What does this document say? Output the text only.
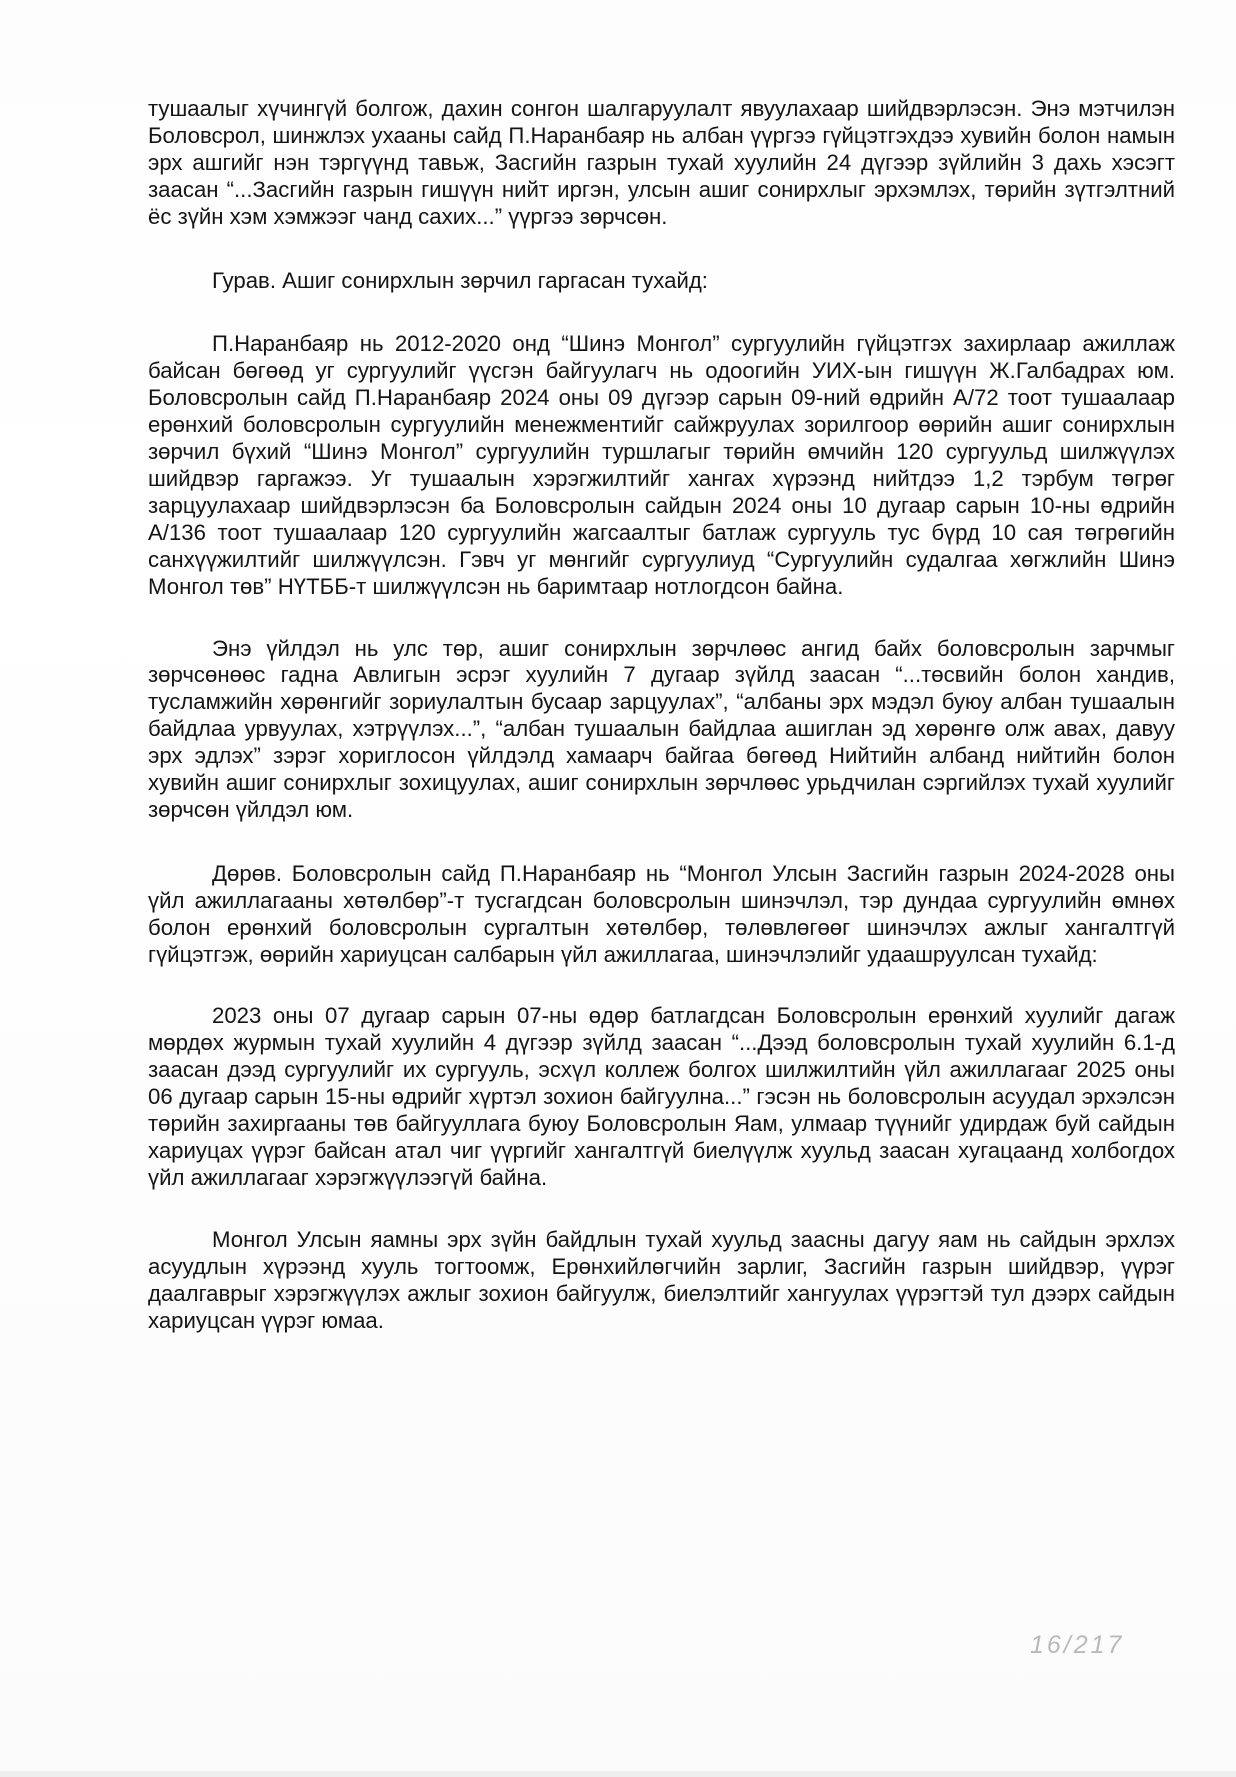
тушаалыг хүчингүй болгож, дахин сонгон шалгаруулалт явуулахаар шийдвэрлэсэн. Энэ мэтчилэн Боловсрол, шинжлэх ухааны сайд П.Наранбаяр нь албан үүргээ гүйцэтгэхдээ хувийн болон намын эрх ашгийг нэн тэргүүнд тавьж, Засгийн газрын тухай хуулийн 24 дүгээр зүйлийн 3 дахь хэсэгт заасан “...Засгийн газрын гишүүн нийт иргэн, улсын ашиг сонирхлыг эрхэмлэх, төрийн зүтгэлтний ёс зүйн хэм хэмжээг чанд сахих...” үүргээ зөрчсөн.

Гурав. Ашиг сонирхлын зөрчил гаргасан тухайд:

П.Наранбаяр нь 2012-2020 онд “Шинэ Монгол” сургуулийн гүйцэтгэх захирлаар ажиллаж байсан бөгөөд уг сургуулийг үүсгэн байгуулагч нь одоогийн УИХ-ын гишүүн Ж.Галбадрах юм. Боловсролын сайд П.Наранбаяр 2024 оны 09 дүгээр сарын 09-ний өдрийн А/72 тоот тушаалаар ерөнхий боловсролын сургуулийн менежментийг сайжруулах зорилгоор өөрийн ашиг сонирхлын зөрчил бүхий “Шинэ Монгол” сургуулийн туршлагыг төрийн өмчийн 120 сургуульд шилжүүлэх шийдвэр гаргажээ. Уг тушаалын хэрэгжилтийг хангах хүрээнд нийтдээ 1,2 тэрбум төгрөг зарцуулахаар шийдвэрлэсэн ба Боловсролын сайдын 2024 оны 10 дугаар сарын 10-ны өдрийн А/136 тоот тушаалаар 120 сургуулийн жагсаалтыг батлаж сургууль тус бүрд 10 сая төгрөгийн санхүүжилтийг шилжүүлсэн. Гэвч уг мөнгийг сургуулиуд “Сургуулийн судалгаа хөгжлийн Шинэ Монгол төв” НҮТББ-т шилжүүлсэн нь баримтаар нотлогдсон байна.

Энэ үйлдэл нь улс төр, ашиг сонирхлын зөрчлөөс ангид байх боловсролын зарчмыг зөрчсөнөөс гадна Авлигын эсрэг хуулийн 7 дугаар зүйлд заасан “...төсвийн болон хандив, тусламжийн хөрөнгийг зориулалтын бусаар зарцуулах”, “албаны эрх мэдэл буюу албан тушаалын байдлаа урвуулах, хэтрүүлэх...”, “албан тушаалын байдлаа ашиглан эд хөрөнгө олж авах, давуу эрх эдлэх” зэрэг хориглосон үйлдэлд хамаарч байгаа бөгөөд Нийтийн албанд нийтийн болон хувийн ашиг сонирхлыг зохицуулах, ашиг сонирхлын зөрчлөөс урьдчилан сэргийлэх тухай хуулийг зөрчсөн үйлдэл юм.

Дөрөв. Боловсролын сайд П.Наранбаяр нь “Монгол Улсын Засгийн газрын 2024-2028 оны үйл ажиллагааны хөтөлбөр”-т тусгагдсан боловсролын шинэчлэл, тэр дундаа сургуулийн өмнөх болон ерөнхий боловсролын сургалтын хөтөлбөр, төлөвлөгөөг шинэчлэх ажлыг хангалтгүй гүйцэтгэж, өөрийн хариуцсан салбарын үйл ажиллагаа, шинэчлэлийг удаашруулсан тухайд:

2023 оны 07 дугаар сарын 07-ны өдөр батлагдсан Боловсролын ерөнхий хуулийг дагаж мөрдөх журмын тухай хуулийн 4 дүгээр зүйлд заасан “...Дээд боловсролын тухай хуулийн 6.1-д заасан дээд сургуулийг их сургууль, эсхүл коллеж болгох шилжилтийн үйл ажиллагааг 2025 оны 06 дугаар сарын 15-ны өдрийг хүртэл зохион байгуулна...” гэсэн нь боловсролын асуудал эрхэлсэн төрийн захиргааны төв байгууллага буюу Боловсролын Яам, улмаар түүнийг удирдаж буй сайдын хариуцах үүрэг байсан атал чиг үүргийг хангалтгүй биелүүлж хуульд заасан хугацаанд холбогдох үйл ажиллагааг хэрэгжүүлээгүй байна.

Монгол Улсын яамны эрх зүйн байдлын тухай хуульд заасны дагуу яам нь сайдын эрхлэх асуудлын хүрээнд хууль тогтоомж, Ерөнхийлөгчийн зарлиг, Засгийн газрын шийдвэр, үүрэг даалгаврыг хэрэгжүүлэх ажлыг зохион байгуулж, биелэлтийг хангуулах үүрэгтэй тул дээрх сайдын хариуцсан үүрэг юмаа.

16/217
